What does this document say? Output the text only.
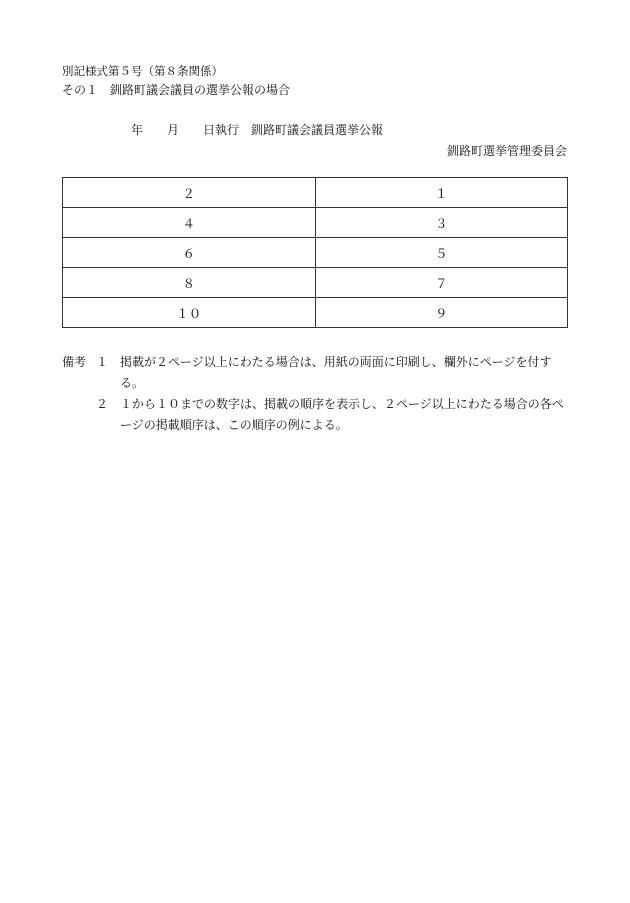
別記様式第５号（第８条関係）
その１　釧路町議会議員の選挙公報の場合
年　　月　　日執行　釧路町議会議員選挙公報
釧路町選挙管理委員会
２	１
４	３
６	５
８	７
１０	９
備考 １ 掲載が２ページ以上にわたる場合は、用紙の両面に印刷し、欄外にページを付する。
２ １から１０までの数字は、掲載の順序を表示し、２ページ以上にわたる場合の各ページの掲載順序は、この順序の例による。
